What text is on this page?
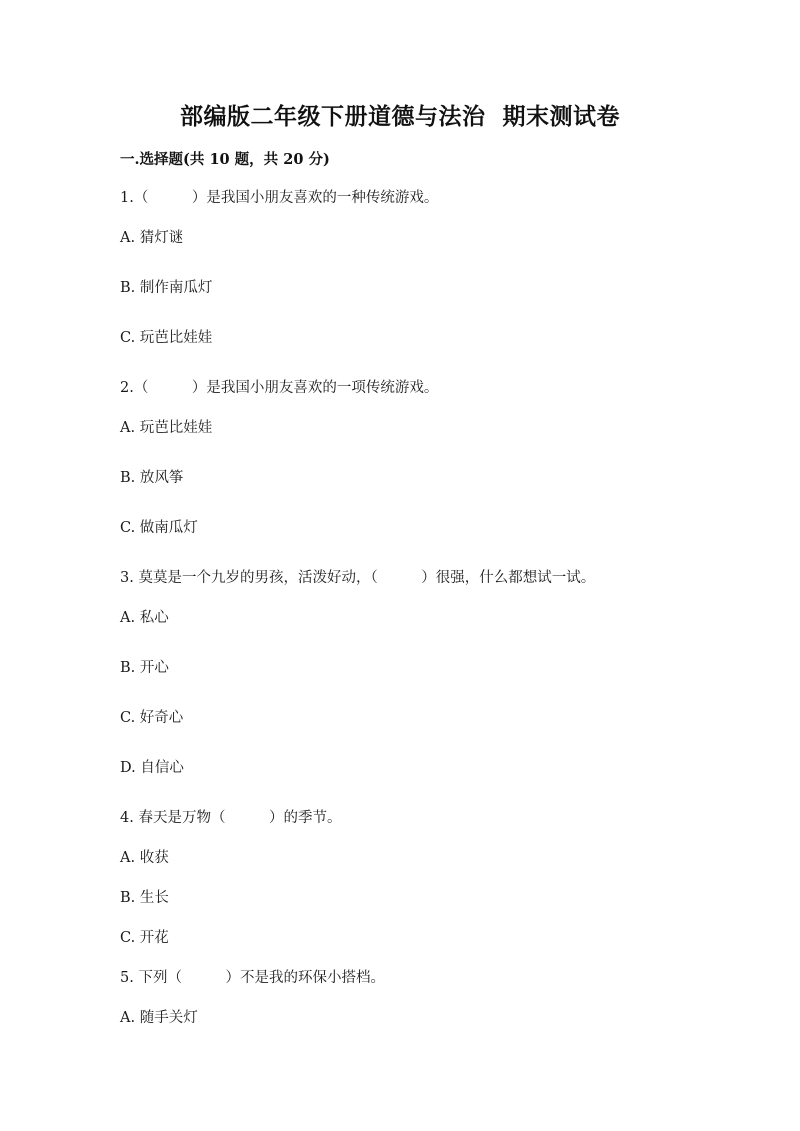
部编版二年级下册道德与法治  期末测试卷
一.选择题(共 10 题，共 20 分)
1.（　　　）是我国小朋友喜欢的一种传统游戏。
A. 猜灯谜
B. 制作南瓜灯
C. 玩芭比娃娃
2.（　　　）是我国小朋友喜欢的一项传统游戏。
A. 玩芭比娃娃
B. 放风筝
C. 做南瓜灯
3. 莫莫是一个九岁的男孩，活泼好动，（　　　）很强，什么都想试一试。
A. 私心
B. 开心
C. 好奇心
D. 自信心
4. 春天是万物（　　　）的季节。
A. 收获
B. 生长
C. 开花
5. 下列（　　　）不是我的环保小搭档。
A. 随手关灯
